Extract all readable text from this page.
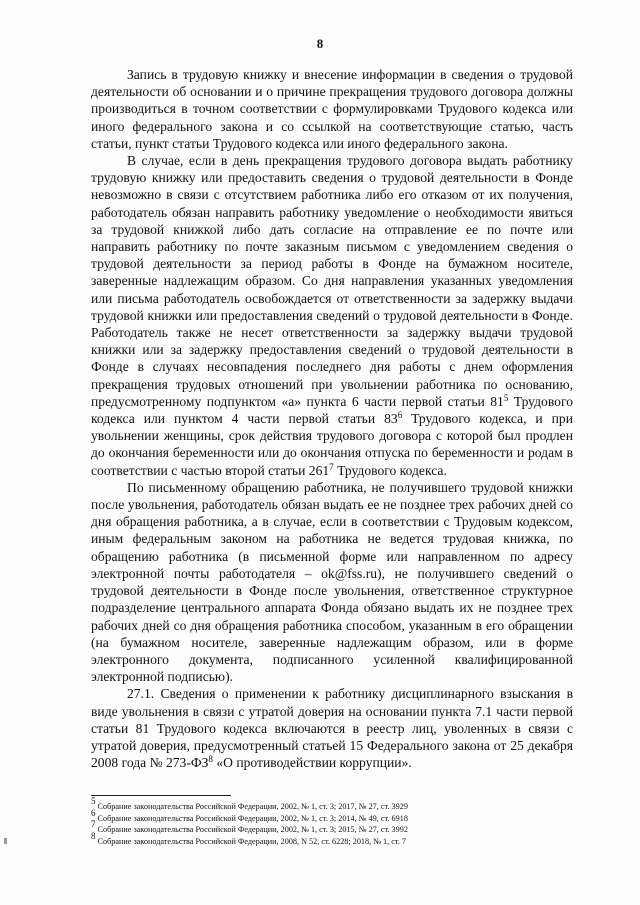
8

Запись в трудовую книжку и внесение информации в сведения о трудовой деятельности об основании и о причине прекращения трудового договора должны производиться в точном соответствии с формулировками Трудового кодекса или иного федерального закона и со ссылкой на соответствующие статью, часть статьи, пункт статьи Трудового кодекса или иного федерального закона.

В случае, если в день прекращения трудового договора выдать работнику трудовую книжку или предоставить сведения о трудовой деятельности в Фонде невозможно в связи с отсутствием работника либо его отказом от их получения, работодатель обязан направить работнику уведомление о необходимости явиться за трудовой книжкой либо дать согласие на отправление ее по почте или направить работнику по почте заказным письмом с уведомлением сведения о трудовой деятельности за период работы в Фонде на бумажном носителе, заверенные надлежащим образом. Со дня направления указанных уведомления или письма работодатель освобождается от ответственности за задержку выдачи трудовой книжки или предоставления сведений о трудовой деятельности в Фонде. Работодатель также не несет ответственности за задержку выдачи трудовой книжки или за задержку предоставления сведений о трудовой деятельности в Фонде в случаях несовпадения последнего дня работы с днем оформления прекращения трудовых отношений при увольнении работника по основанию, предусмотренному подпунктом «а» пункта 6 части первой статьи $81^5$ Трудового кодекса или пунктом 4 части первой статьи $83^6$ Трудового кодекса, и при увольнении женщины, срок действия трудового договора с которой был продлен до окончания беременности или до окончания отпуска по беременности и родам в соответствии с частью второй статьи $261^7$ Трудового кодекса.

По письменному обращению работника, не получившего трудовой книжки после увольнения, работодатель обязан выдать ее не позднее трех рабочих дней со дня обращения работника, а в случае, если в соответствии с Трудовым кодексом, иным федеральным законом на работника не ведется трудовая книжка, по обращению работника (в письменной форме или направленном по адресу электронной почты работодателя – ok@fss.ru), не получившего сведений о трудовой деятельности в Фонде после увольнения, ответственное структурное подразделение центрального аппарата Фонда обязано выдать их не позднее трех рабочих дней со дня обращения работника способом, указанным в его обращении (на бумажном носителе, заверенные надлежащим образом, или в форме электронного документа, подписанного усиленной квалифицированной электронной подписью).

27.1. Сведения о применении к работнику дисциплинарного взыскания в виде увольнения в связи с утратой доверия на основании пункта 7.1 части первой статьи 81 Трудового кодекса включаются в реестр лиц, уволенных в связи с утратой доверия, предусмотренный статьей 15 Федерального закона от 25 декабря 2008 года № $273-ФЗ^8$ «О противодействии коррупции».

$^5$ Собрание законодательства Российской Федерации, 2002, № 1, ст. 3; 2017, № 27, ст. 3929
$^6$ Собрание законодательства Российской Федерации, 2002, № 1, ст. 3; 2014, № 49, ст. 6918
$^7$ Собрание законодательства Российской Федерации, 2002, № 1, ст. 3; 2015, № 27, ст. 3992
$^8$ Собрание законодательства Российской Федерации, 2008, N 52, ст. 6228; 2018, № 1, ст. 7
